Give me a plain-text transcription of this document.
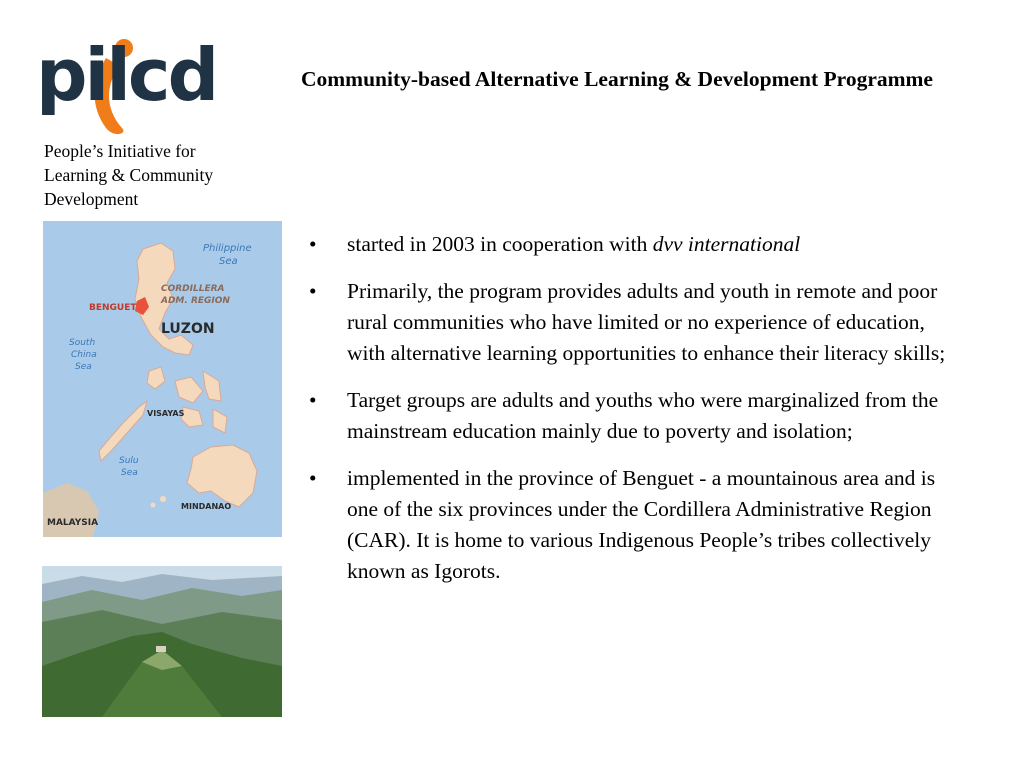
pilcd
People’s Initiative for Learning & Community Development
Community-based Alternative Learning & Development Programme
Philippine
Sea
CORDILLERA
ADM. REGION
BENGUET
LUZON
South
China
Sea
VISAYAS
Sulu
Sea
MINDANAO
MALAYSIA
• started in 2003 in cooperation with dvv international
• Primarily, the program provides adults and youth in remote and poor rural communities who have limited or no experience of education, with alternative learning opportunities to enhance their literacy skills;
• Target groups are adults and youths who were marginalized from the mainstream education mainly due to poverty and isolation;
• implemented in the province of Benguet - a mountainous area and is one of the six provinces under the Cordillera Administrative Region (CAR). It is home to various Indigenous People’s tribes collectively known as Igorots.
